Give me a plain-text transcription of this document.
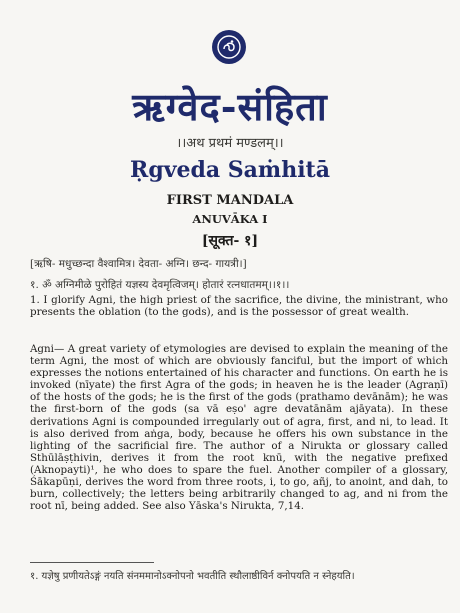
ऋग्वेद-संहिता
।।अथ प्रथमं मण्डलम्।।
Ṛgveda Saṁhitā
FIRST MANDALA
ANUVĀKA I
[सूक्त- १]
[ऋषि- मधुच्छन्दा वैश्वामित्र। देवता- अग्नि। छन्द- गायत्री।]
१. ॐ अग्निमीळे पुरोहितं यज्ञस्य देवमृत्विजम्। होतारं रत्नधातमम्।।१।।
1. I glorify Agni, the high priest of the sacrifice, the divine, the ministrant, who presents the oblation (to the gods), and is the possessor of great wealth.
Agni— A great variety of etymologies are devised to explain the meaning of the term Agni, the most of which are obviously fanciful, but the import of which expresses the notions entertained of his character and functions. On earth he is invoked (nīyate) the first Agra of the gods; in heaven he is the leader (Agraṇī) of the hosts of the gods; he is the first of the gods (prathamo devānām); he was the first-born of the gods (sa vā eṣo' agre devatānām ajāyata). In these derivations Agni is compounded irregularly out of agra, first, and ni, to lead. It is also derived from aṅga, body, because he offers his own substance in the lighting of the sacrificial fire. The author of a Nirukta or glossary called Sthūlāṣṭhivin, derives it from the root knū, with the negative prefixed (Aknopayti)¹, he who does to spare the fuel. Another compiler of a glossary, Śākapūṇi, derives the word from three roots, i, to go, añj, to anoint, and dah, to burn, collectively; the letters being arbitrarily changed to ag, and ni from the root nī, being added. See also Yāska's Nirukta, 7,14.
१. यज्ञेषु प्रणीयतेऽङ्गं नयति संनममानोऽक्नोपनो भवतीति स्थौलाष्ठीविर्न क्नोपयति न स्नेहयति।
